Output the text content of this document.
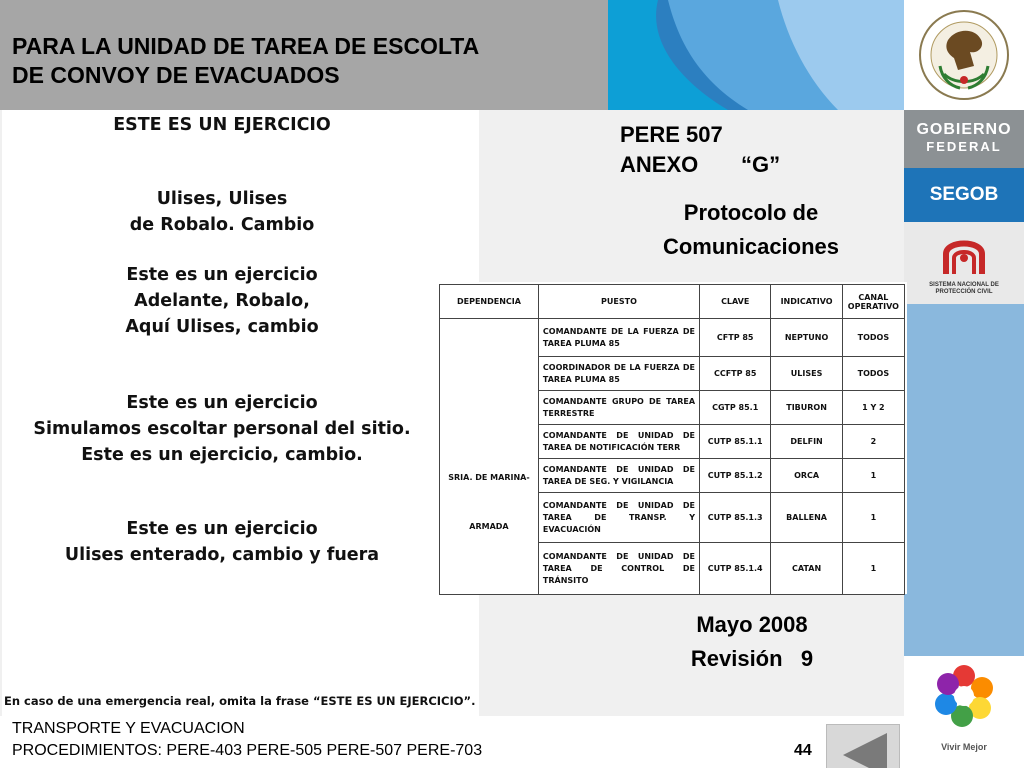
PARA LA UNIDAD DE TAREA DE ESCOLTA
DE CONVOY DE EVACUADOS
GOBIERNO
FEDERAL
SEGOB
SISTEMA NACIONAL DE PROTECCIÓN CIVIL
Vivir Mejor
ESTE ES UN EJERCICIO
Ulises, Ulises
de Robalo. Cambio
Este es un ejercicio
Adelante, Robalo,
Aquí Ulises, cambio
Este es un ejercicio
Simulamos escoltar personal del sitio.
Este es un ejercicio, cambio.
Este es un ejercicio
Ulises enterado, cambio y fuera
En caso de una emergencia real, omita la frase “ESTE ES UN EJERCICIO”.
PERE 507
ANEXO       “G”
Protocolo de
Comunicaciones
DEPENDENCIA	PUESTO	CLAVE	INDICATIVO	CANAL OPERATIVO

SRIA. DE MARINA-
ARMADA	COMANDANTE DE LA FUERZA DE TAREA PLUMA 85	CFTP 85	NEPTUNO	TODOS
	COORDINADOR DE LA FUERZA DE TAREA PLUMA 85	CCFTP 85	ULISES	TODOS
	COMANDANTE GRUPO DE TAREA TERRESTRE	CGTP 85.1	TIBURON	1 Y 2
	COMANDANTE DE UNIDAD DE TAREA DE NOTIFICACIÓN TERR	CUTP 85.1.1	DELFIN	2
	COMANDANTE DE UNIDAD DE TAREA DE SEG. Y VIGILANCIA	CUTP 85.1.2	ORCA	1
	COMANDANTE DE UNIDAD DE TAREA DE TRANSP. Y EVACUACIÓN	CUTP 85.1.3	BALLENA	1
	COMANDANTE DE UNIDAD DE TAREA DE CONTROL DE TRÁNSITO	CUTP 85.1.4	CATAN	1
Mayo 2008
Revisión   9
TRANSPORTE Y EVACUACION
PROCEDIMIENTOS: PERE-403 PERE-505 PERE-507 PERE-703	44
